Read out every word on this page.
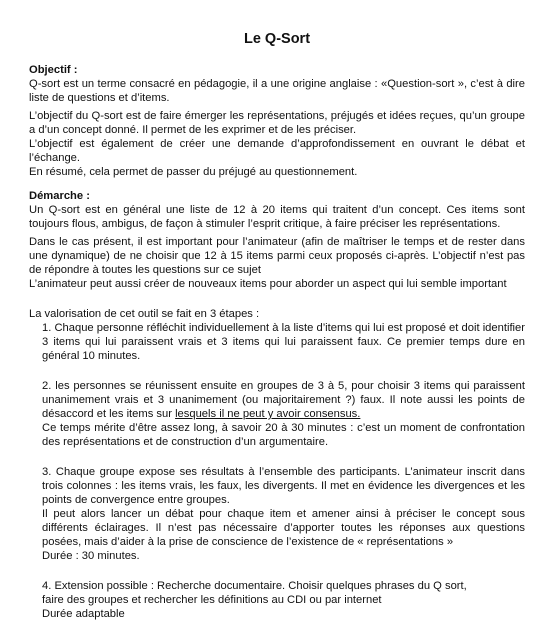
Le Q-Sort

Objectif :

Q-sort est un terme consacré en pédagogie, il a une origine anglaise : «Question-sort », c’est à dire liste de questions et d’items.

L’objectif du Q-sort est de faire émerger les représentations, préjugés et idées reçues, qu’un groupe a d’un concept donné. Il permet de les exprimer et de les préciser.

L’objectif est également de créer une demande d’approfondissement en ouvrant le débat et l’échange.

En résumé, cela permet de passer du préjugé au questionnement.

Démarche :

Un Q-sort est en général une liste de 12 à 20 items qui traitent d’un concept. Ces items sont toujours flous, ambigus, de façon à stimuler l’esprit critique, à faire préciser les représentations.

Dans le cas présent, il est important pour l’animateur (afin de maîtriser le temps et de rester dans une dynamique) de ne choisir que 12 à 15 items parmi ceux proposés ci-après. L’objectif n’est pas de répondre à toutes les questions sur ce sujet

L’animateur peut aussi créer de nouveaux items pour aborder un aspect qui lui semble important

La valorisation de cet outil se fait en 3 étapes :

1. Chaque personne réfléchit individuellement à la liste d’items qui lui est proposé et doit identifier 3 items qui lui paraissent vrais et 3 items qui lui paraissent faux. Ce premier temps dure en général 10 minutes.

2. les personnes se réunissent ensuite en groupes de 3 à 5, pour choisir 3 items qui paraissent unanimement vrais et 3 unanimement (ou majoritairement ?) faux. Il note aussi les points de désaccord et les items sur lesquels il ne peut y avoir consensus.

Ce temps mérite d’être assez long, à savoir 20 à 30 minutes : c’est un moment de confrontation des représentations et de construction d’un argumentaire.

3. Chaque groupe expose ses résultats à l’ensemble des participants. L’animateur inscrit dans trois colonnes : les items vrais, les faux, les divergents. Il met en évidence les divergences et les points de convergence entre groupes.

Il peut alors lancer un débat pour chaque item et amener ainsi à préciser le concept sous différents éclairages. Il n’est pas nécessaire d’apporter toutes les réponses aux questions posées, mais d’aider à la prise de conscience de l’existence de « représentations »

Durée : 30 minutes.

4. Extension possible : Recherche documentaire. Choisir quelques phrases du Q sort,

faire des groupes et rechercher les définitions au CDI ou par internet

Durée adaptable
